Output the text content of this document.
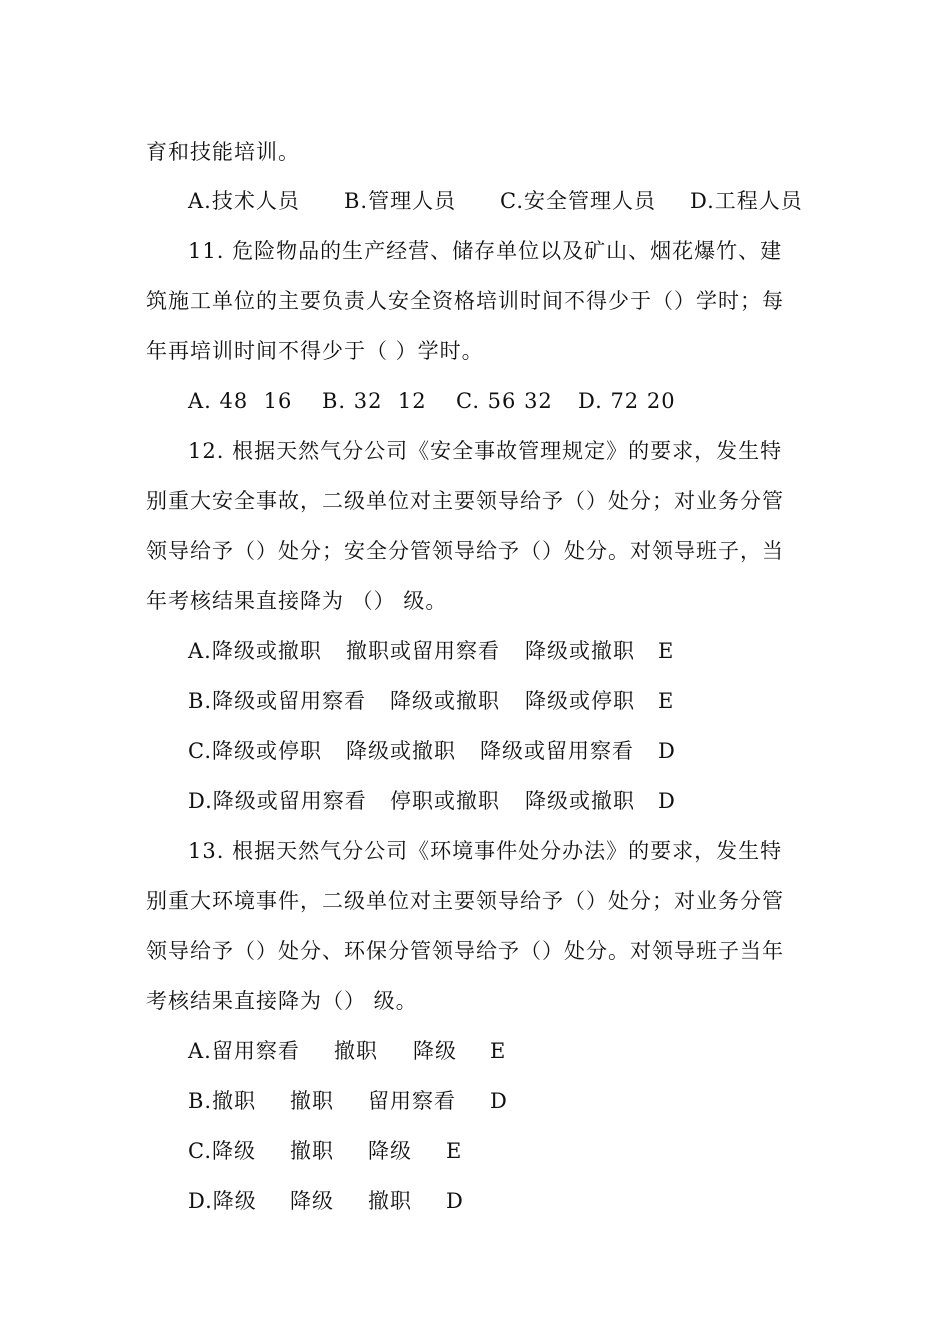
育和技能培训。
A.技术人员 B.管理人员 C.安全管理人员 D.工程人员
11. 危险物品的生产经营、储存单位以及矿山、烟花爆竹、建
筑施工单位的主要负责人安全资格培训时间不得少于（）学时；每
年再培训时间不得少于（ ）学时。
A. 48  16 B. 32  12 C. 56 32 D. 72 20
12. 根据天然气分公司《安全事故管理规定》的要求，发生特
别重大安全事故，二级单位对主要领导给予（）处分；对业务分管
领导给予（）处分；安全分管领导给予（）处分。对领导班子，当
年考核结果直接降为 （） 级。
A.降级或撤职 撤职或留用察看 降级或撤职 E
B.降级或留用察看 降级或撤职 降级或停职 E
C.降级或停职 降级或撤职 降级或留用察看 D
D.降级或留用察看 停职或撤职 降级或撤职 D
13. 根据天然气分公司《环境事件处分办法》的要求，发生特
别重大环境事件，二级单位对主要领导给予（）处分；对业务分管
领导给予（）处分、环保分管领导给予（）处分。对领导班子当年
考核结果直接降为（） 级。
A.留用察看 撤职 降级 E
B.撤职 撤职 留用察看 D
C.降级 撤职 降级 E
D.降级 降级 撤职 D
